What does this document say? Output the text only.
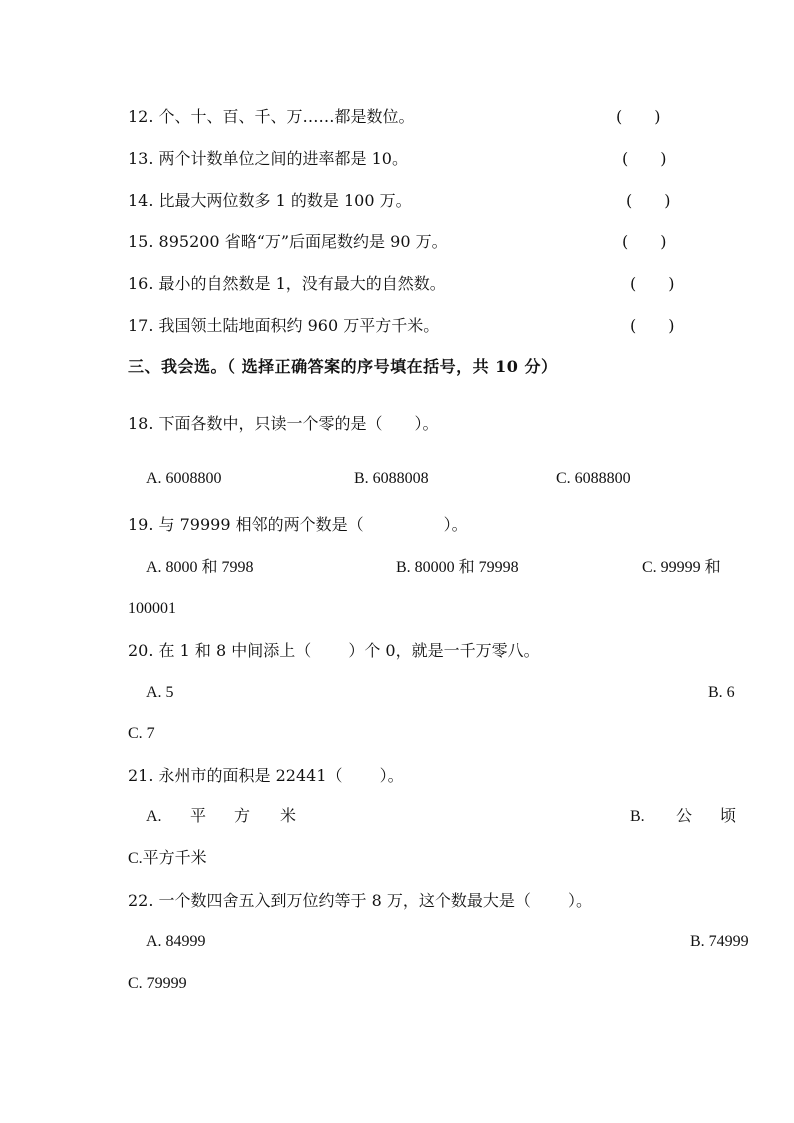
12. 个、十、百、千、万……都是数位。	(　　)
13. 两个计数单位之间的进率都是 10。	(　　)
14. 比最大两位数多 1 的数是 100 万。	(　　)
15. 895200 省略“万”后面尾数约是 90 万。	(　　)
16. 最小的自然数是 1，没有最大的自然数。	(　　)
17. 我国领土陆地面积约 960 万平方千米。	(　　)
三、我会选。（ 选择正确答案的序号填在括号，共 10 分）
18. 下面各数中，只读一个零的是（　　）。
A. 6008800	B. 6088008	C. 6088800
19. 与 79999 相邻的两个数是（　　　　　）。
A. 8000 和 7998	B. 80000 和 79998	C. 99999 和
100001
20. 在 1 和 8 中间添上（　　 ）个 0，就是一千万零八。
A. 5	B. 6
C. 7
21. 永州市的面积是 22441（　　 ）。
A. 平 方 米	B. 公 顷
C.平方千米
22. 一个数四舍五入到万位约等于 8 万，这个数最大是（　　 ）。
A. 84999	B. 74999
C. 79999
